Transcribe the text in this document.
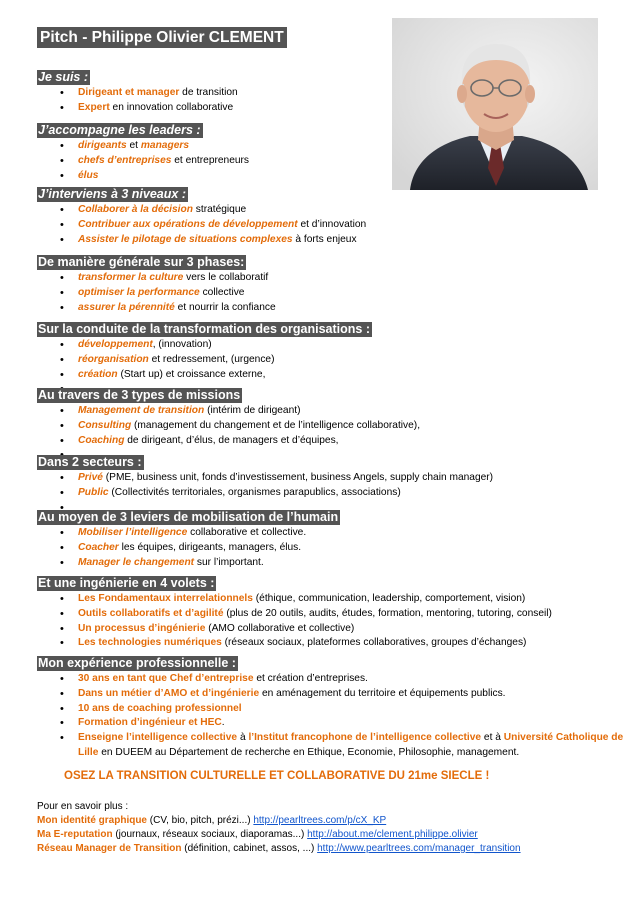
Pitch - Philippe Olivier CLEMENT
Je suis :
• Dirigeant et manager de transition
• Expert en innovation collaborative
J’accompagne les leaders :
• dirigeants et managers
• chefs d’entreprises et entrepreneurs
• élus
J’interviens à 3 niveaux :
• Collaborer à la décision stratégique
• Contribuer aux opérations de développement et d’innovation
• Assister le pilotage de situations complexes à forts enjeux
De manière générale sur 3 phases:
• transformer la culture vers le collaboratif
• optimiser la performance collective
• assurer la pérennité et nourrir la confiance
Sur la conduite de la transformation des organisations :
• développement, (innovation)
• réorganisation et redressement, (urgence)
• création (Start up) et croissance externe,
•
Au travers de 3 types de missions
• Management de transition (intérim de dirigeant)
• Consulting (management du changement et de l’intelligence collaborative),
• Coaching de dirigeant, d’élus, de managers et d’équipes,
•
Dans 2 secteurs :
• Privé (PME, business unit, fonds d’investissement, business Angels, supply chain manager)
• Public (Collectivités territoriales, organismes parapublics, associations)
•
Au moyen de 3 leviers de mobilisation de l’humain
• Mobiliser l’intelligence collaborative et collective.
• Coacher les équipes, dirigeants, managers, élus.
• Manager le changement sur l’important.
Et une ingénierie en 4 volets :
• Les Fondamentaux interrelationnels (éthique, communication, leadership, comportement, vision)
• Outils collaboratifs et d’agilité (plus de 20 outils, audits, études, formation, mentoring, tutoring, conseil)
• Un processus d’ingénierie (AMO collaborative et collective)
• Les technologies numériques (réseaux sociaux, plateformes collaboratives, groupes d’échanges)
Mon expérience professionnelle :
• 30 ans en tant que Chef d’entreprise et création d’entreprises.
• Dans un métier d’AMO et d’ingénierie en aménagement du territoire et équipements publics.
• 10 ans de coaching professionnel
• Formation d’ingénieur et HEC.
• Enseigne l’intelligence collective à l’Institut francophone de l’intelligence collective et à Université Catholique de Lille en DUEEM au Département de recherche en Ethique, Economie, Philosophie, management.
OSEZ LA TRANSITION CULTURELLE ET COLLABORATIVE DU 21me SIECLE !
Pour en savoir plus :
Mon identité graphique (CV, bio, pitch, prézi...) http://pearltrees.com/p/cX_KP
Ma E-reputation (journaux, réseaux sociaux, diaporamas...) http://about.me/clement.philippe.olivier
Réseau Manager de Transition (définition, cabinet, assos, ...) http://www.pearltrees.com/manager_transition
